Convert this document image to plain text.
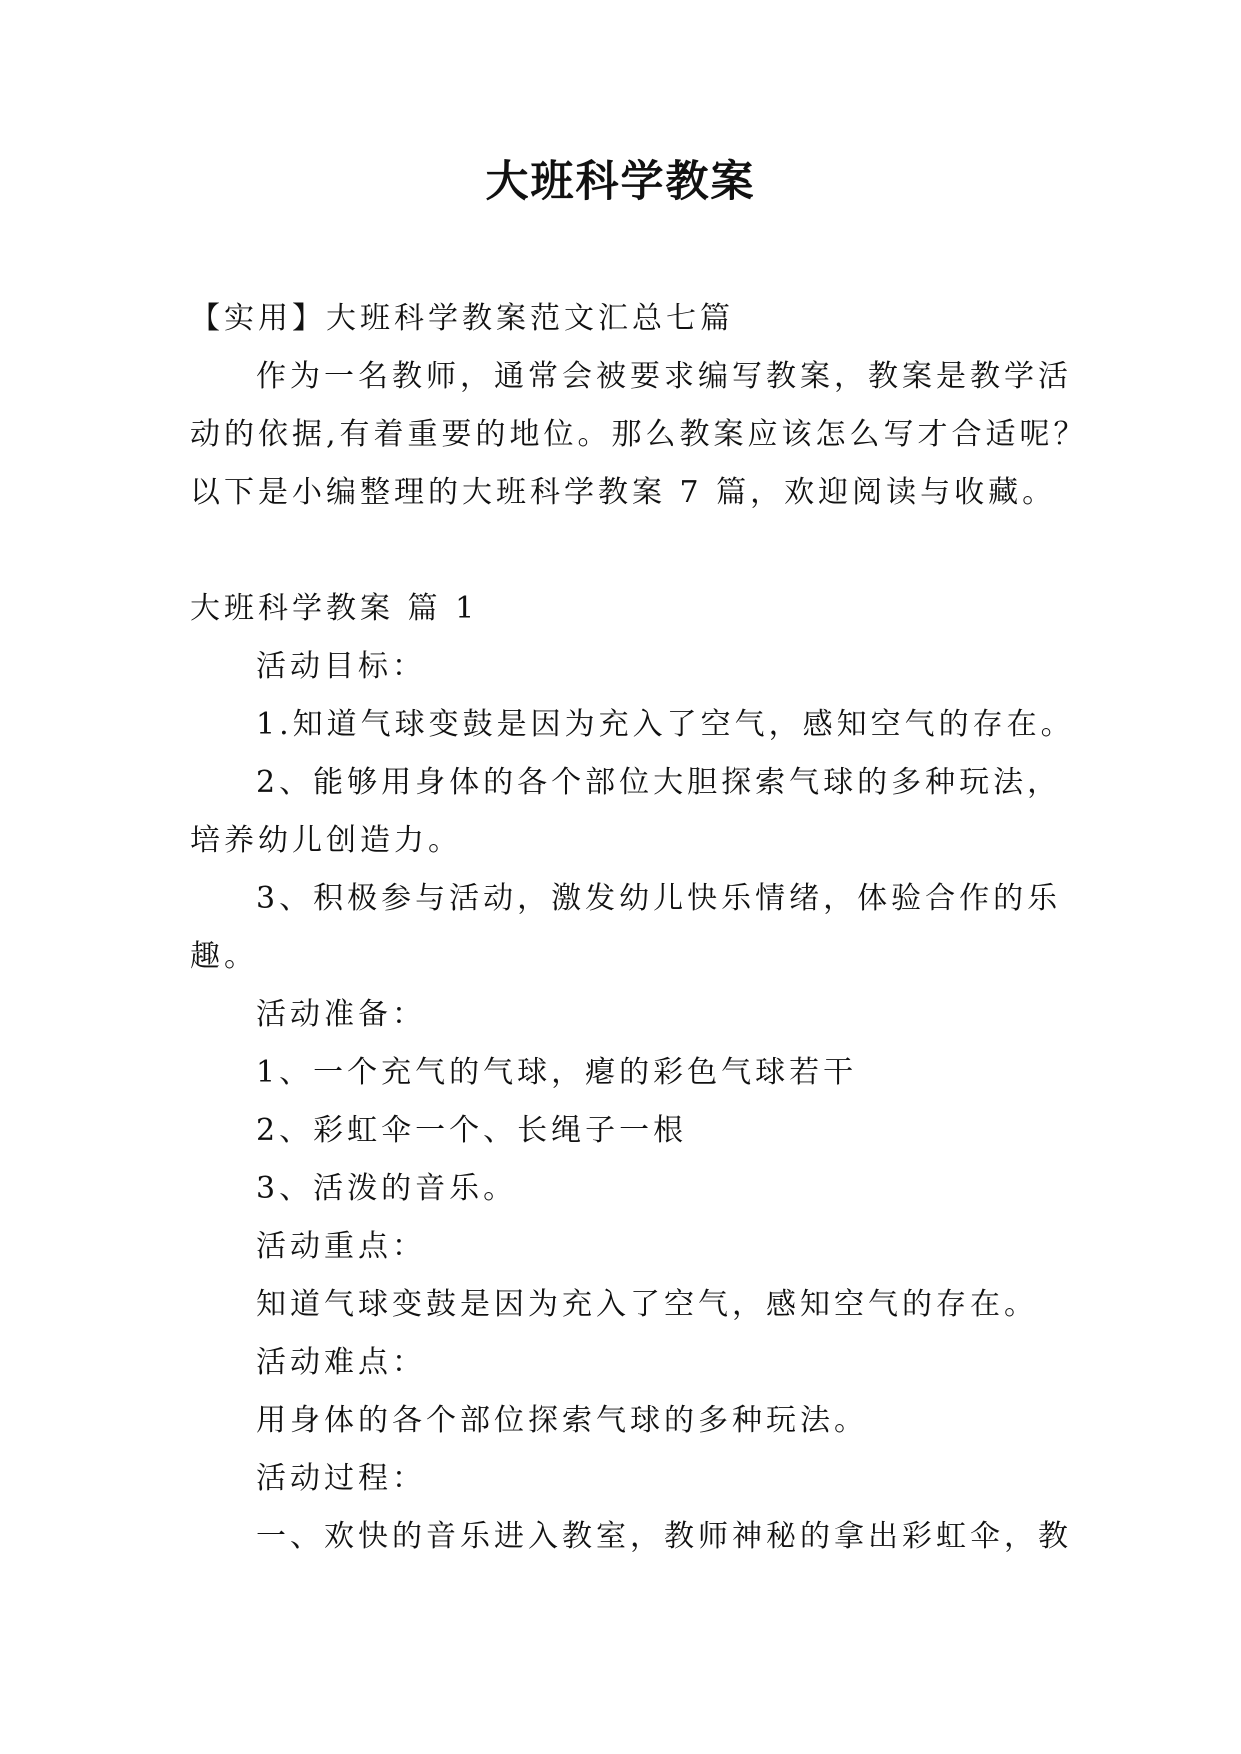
大班科学教案
【实用】大班科学教案范文汇总七篇
作为一名教师，通常会被要求编写教案，教案是教学活
动的依据,有着重要的地位。那么教案应该怎么写才合适呢？
以下是小编整理的大班科学教案 7 篇，欢迎阅读与收藏。
大班科学教案 篇 1
活动目标：
1.知道气球变鼓是因为充入了空气，感知空气的存在。
2、能够用身体的各个部位大胆探索气球的多种玩法，
培养幼儿创造力。
3、积极参与活动，激发幼儿快乐情绪，体验合作的乐
趣。
活动准备：
1、一个充气的气球，瘪的彩色气球若干
2、彩虹伞一个、长绳子一根
3、活泼的音乐。
活动重点：
知道气球变鼓是因为充入了空气，感知空气的存在。
活动难点：
用身体的各个部位探索气球的多种玩法。
活动过程：
一、欢快的音乐进入教室，教师神秘的拿出彩虹伞，教
